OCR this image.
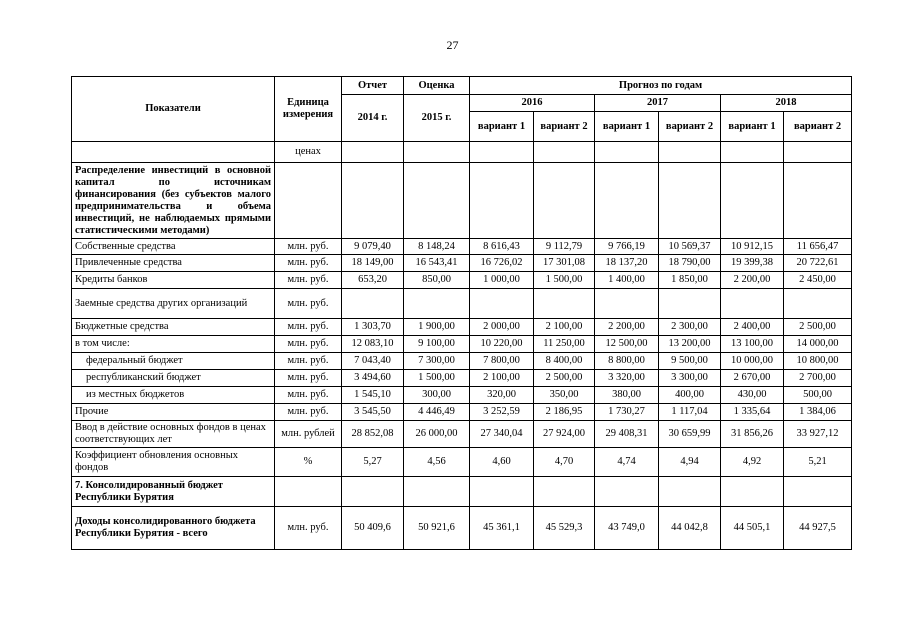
27
Показатели	Единица измерения	Отчет	Оценка	Прогноз по годам					
		2014 г.	2015 г.	2016		2017		2018	
				вариант 1	вариант 2	вариант 1	вариант 2	вариант 1	вариант 2
	ценах								
Распределение инвестиций в основной капитал по источникам финансирования (без субъектов малого предпринимательства и объема инвестиций, не наблюдаемых прямыми статистическими методами)									
Собственные средства	млн. руб.	9 079,40	8 148,24	8 616,43	9 112,79	9 766,19	10 569,37	10 912,15	11 656,47
Привлеченные средства	млн. руб.	18 149,00	16 543,41	16 726,02	17 301,08	18 137,20	18 790,00	19 399,38	20 722,61
Кредиты банков	млн. руб.	653,20	850,00	1 000,00	1 500,00	1 400,00	1 850,00	2 200,00	2 450,00
Заемные средства других организаций	млн. руб.								
Бюджетные средства	млн. руб.	1 303,70	1 900,00	2 000,00	2 100,00	2 200,00	2 300,00	2 400,00	2 500,00
в том числе:	млн. руб.	12 083,10	9 100,00	10 220,00	11 250,00	12 500,00	13 200,00	13 100,00	14 000,00
федеральный бюджет	млн. руб.	7 043,40	7 300,00	7 800,00	8 400,00	8 800,00	9 500,00	10 000,00	10 800,00
республиканский бюджет	млн. руб.	3 494,60	1 500,00	2 100,00	2 500,00	3 320,00	3 300,00	2 670,00	2 700,00
из местных бюджетов	млн. руб.	1 545,10	300,00	320,00	350,00	380,00	400,00	430,00	500,00
Прочие	млн. руб.	3 545,50	4 446,49	3 252,59	2 186,95	1 730,27	1 117,04	1 335,64	1 384,06
Ввод в действие основных фондов в ценах соответствующих лет	млн. рублей	28 852,08	26 000,00	27 340,04	27 924,00	29 408,31	30 659,99	31 856,26	33 927,12
Коэффициент обновления основных фондов	%	5,27	4,56	4,60	4,70	4,74	4,94	4,92	5,21
7. Консолидированный бюджет Республики Бурятия									
Доходы консолидированного бюджета Республики Бурятия - всего	млн. руб.	50 409,6	50 921,6	45 361,1	45 529,3	43 749,0	44 042,8	44 505,1	44 927,5
